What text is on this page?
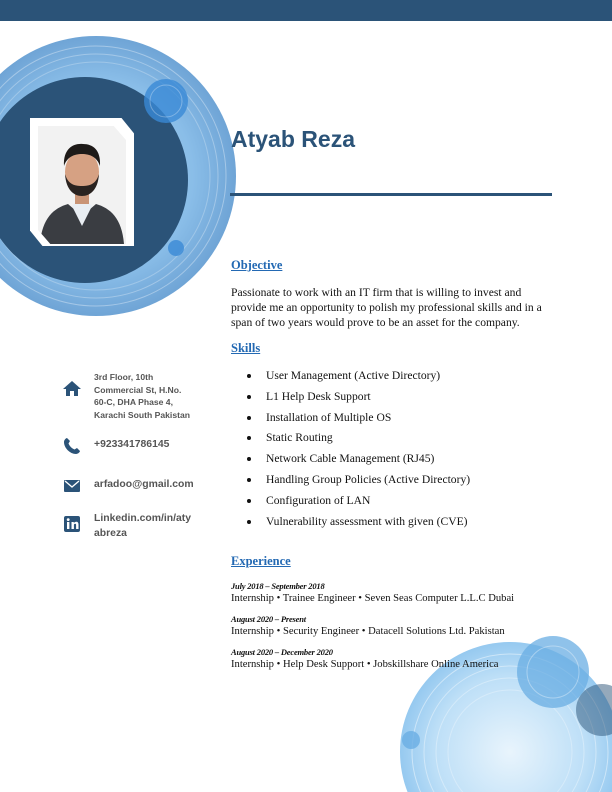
Atyab Reza
Objective

Passionate to work with an IT firm that is willing to invest and provide me an opportunity to polish my professional skills and in a span of two years would prove to be an asset for the company.

Skills
User Management (Active Directory)
L1 Help Desk Support
Installation of Multiple OS
Static Routing
Network Cable Management (RJ45)
Handling Group Policies (Active Directory)
Configuration of LAN
Vulnerability assessment with given (CVE)
Experience
July 2018 – September 2018
Internship • Trainee Engineer • Seven Seas Computer L.L.C Dubai
August 2020 – Present
Internship • Security Engineer • Datacell Solutions Ltd. Pakistan
August 2020 – December 2020
Internship • Help Desk Support • Jobskillshare Online America
3rd Floor, 10th
Commercial St, H.No.
60-C, DHA Phase 4,
Karachi South Pakistan
+923341786145
arfadoo@gmail.com
Linkedin.com/in/aty
abreza
